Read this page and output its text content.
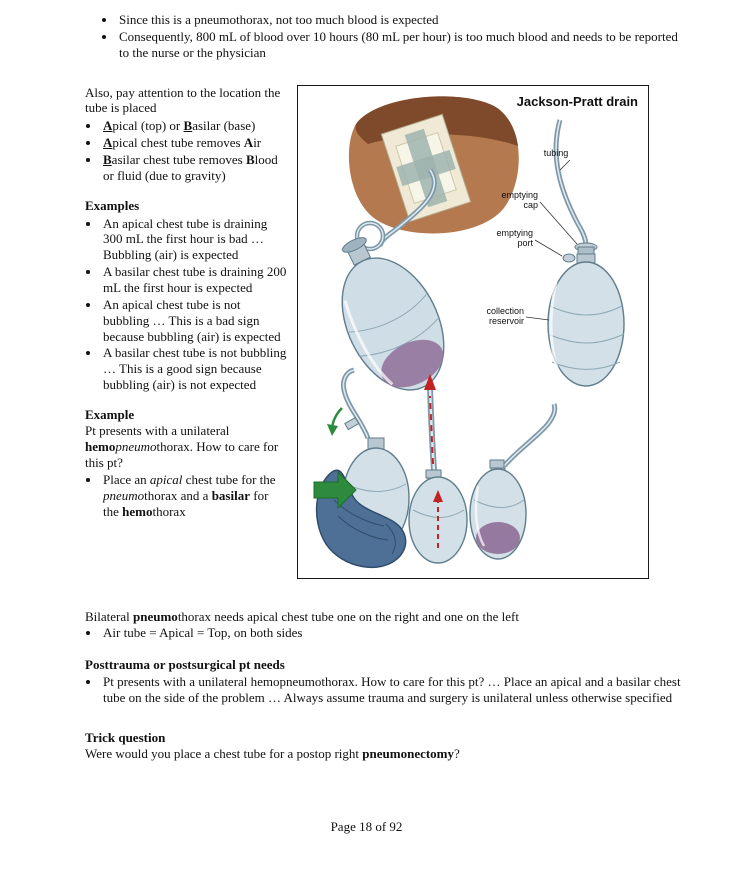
• Since this is a pneumothorax, not too much blood is expected
• Consequently, 800 mL of blood over 10 hours (80 mL per hour) is too much blood and needs to be reported to the nurse or the physician

Also, pay attention to the location the tube is placed

• Apical (top) or Basilar (base)
• Apical chest tube removes Air
• Basilar chest tube removes Blood or fluid (due to gravity)
Examples
• An apical chest tube is draining 300 mL the first hour is bad … Bubbling (air) is expected
• A basilar chest tube is draining 200 mL the first hour is expected
• An apical chest tube is not bubbling … This is a bad sign because bubbling (air) is expected
• A basilar chest tube is not bubbling … This is a good sign because bubbling (air) is not expected
Example

Pt presents with a unilateral hemopneumothorax. How to care for this pt?

• Place an apical chest tube for the pneumothorax and a basilar for the hemothorax
Jackson-Pratt drain
tubing
emptying cap
emptying port
collection reservoir

Bilateral pneumothorax needs apical chest tube one on the right and one on the left

• Air tube = Apical = Top, on both sides
Posttrauma or postsurgical pt needs
• Pt presents with a unilateral hemopneumothorax. How to care for this pt? … Place an apical and a basilar chest tube on the side of the problem … Always assume trauma and surgery is unilateral unless otherwise specified
Trick question

Were would you place a chest tube for a postop right pneumonectomy?

Page 18 of 92
